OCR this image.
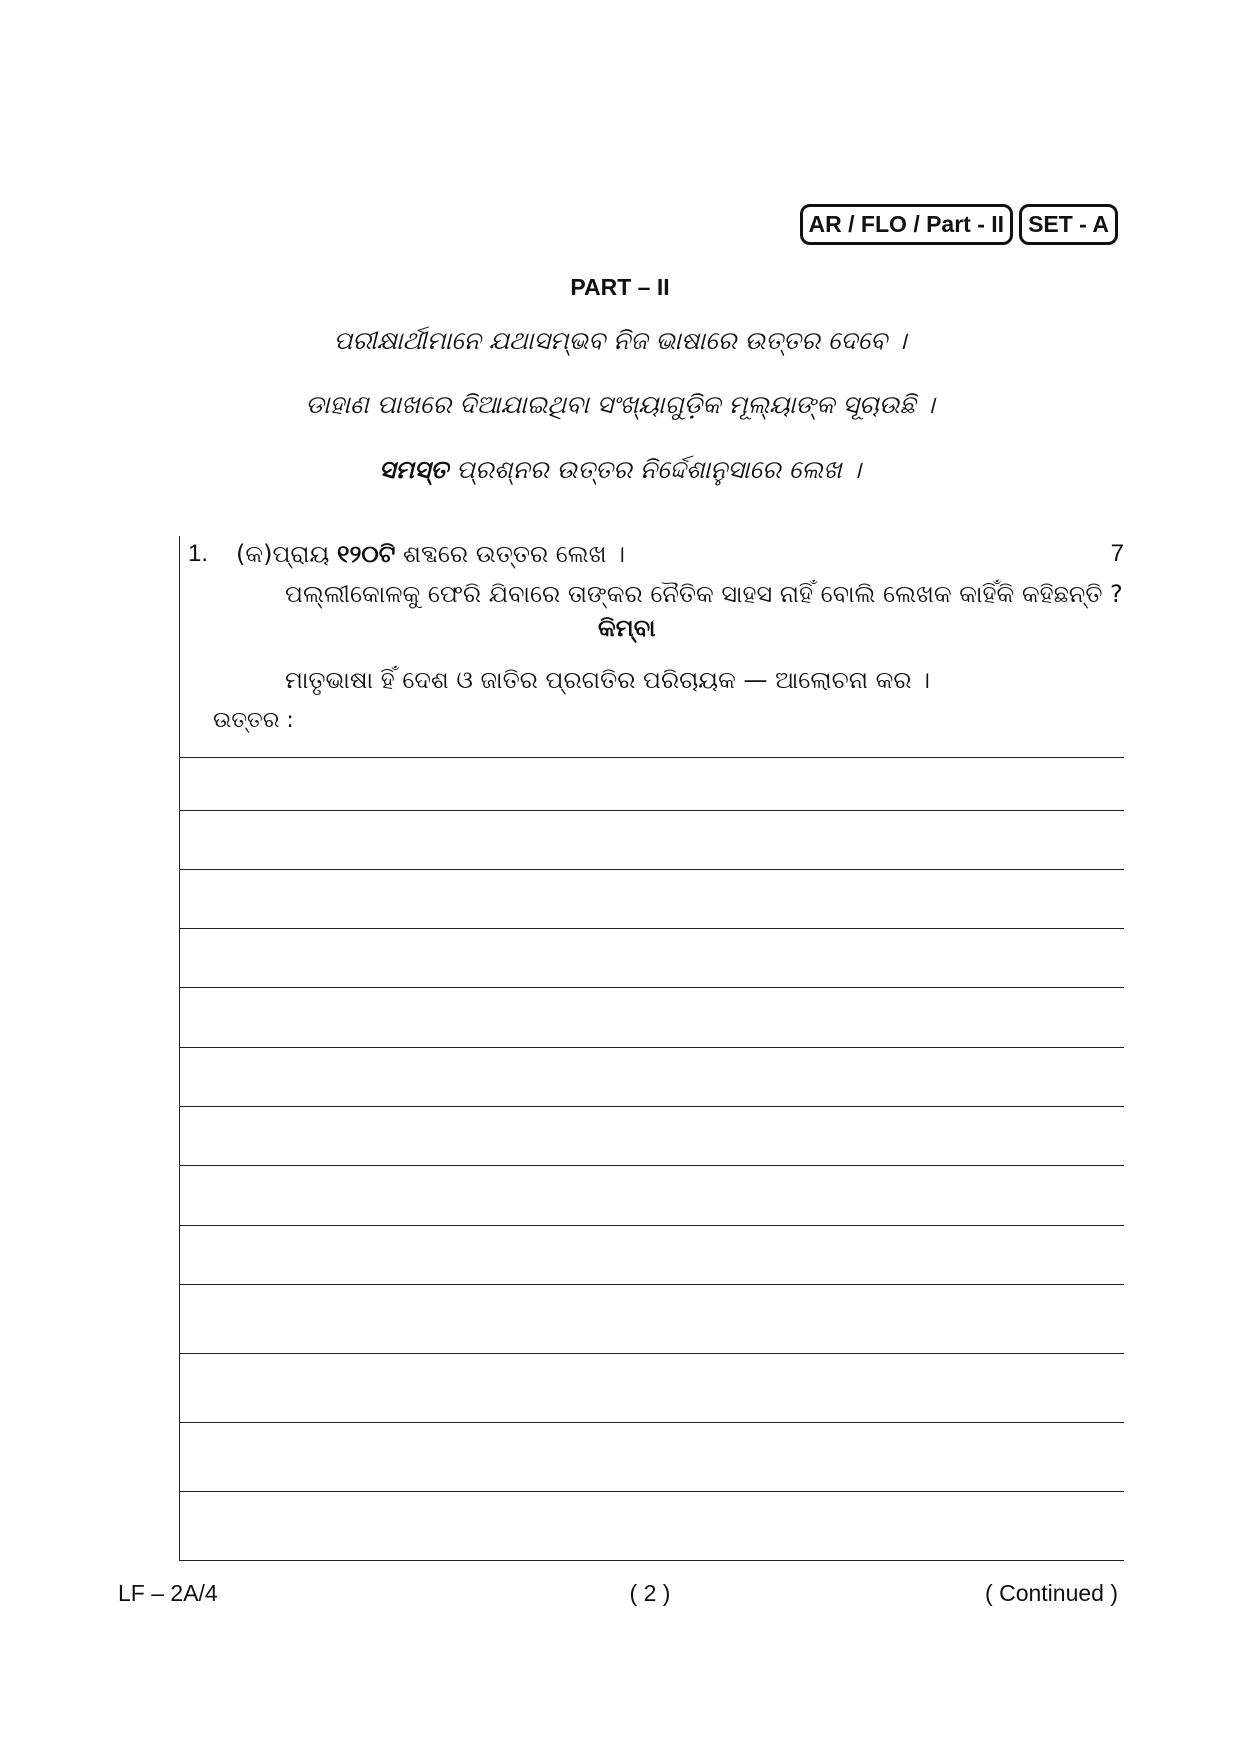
AR / FLO / Part - II	SET - A
PART – II
ପରୀକ୍ଷାର୍ଥୀମାନେ ଯଥାସମ୍ଭବ ନିଜ ଭାଷାରେ ଉତ୍ତର ଦେବେ ।
ଡାହାଣ ପାଖରେ ଦିଆଯାଇଥିବା ସଂଖ୍ୟାଗୁଡ଼ିକ ମୂଲ୍ୟାଙ୍କ ସୂଚାଉଛି ।
ସମସ୍ତ ପ୍ରଶ୍ନର ଉତ୍ତର ନିର୍ଦ୍ଦେଶାନୁସାରେ ଲେଖ ।
1. (କ)ପ୍ରାୟ ୧୨୦ଟି ଶବ୍ଦରେ ଉତ୍ତର ଲେଖ ।	7
ପଲ୍ଲୀକୋଳକୁ ଫେରି ଯିବାରେ ତାଙ୍କର ନୈତିକ ସାହସ ନାହିଁ ବୋଲି ଲେଖକ କାହିଁକି କହିଛନ୍ତି ?
କିମ୍ବା
ମାତୃଭାଷା ହିଁ ଦେଶ ଓ ଜାତିର ପ୍ରଗତିର ପରିଚାୟକ — ଆଲୋଚନା କର ।
ଉତ୍ତର :
LF – 2A/4	( 2 )	( Continued )
